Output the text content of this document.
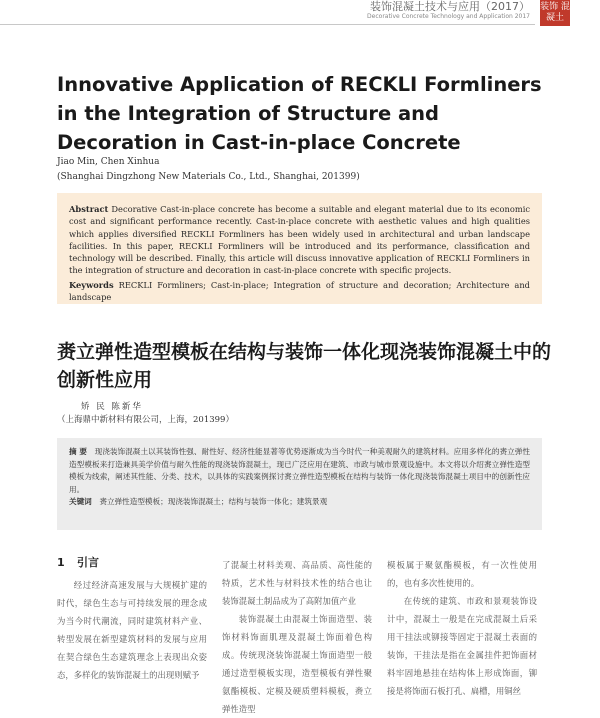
装饰混凝土技术与应用（2017）
Decorative Concrete Technology and Application 2017
装饰 混凝土
Innovative Application of RECKLI Formliners in the Integration of Structure and Decoration in Cast-in-place Concrete
Jiao Min, Chen Xinhua
(Shanghai Dingzhong New Materials Co., Ltd., Shanghai, 201399)

Abstract Decorative Cast-in-place concrete has become a suitable and elegant material due to its economic cost and significant performance recently. Cast-in-place concrete with aesthetic values and high qualities which applies diversified RECKLI Formliners has been widely used in architectural and urban landscape facilities. In this paper, RECKLI Formliners will be introduced and its performance, classification and technology will be described. Finally, this article will discuss innovative application of RECKLI Formliners in the integration of structure and decoration in cast-in-place concrete with specific projects.

Keywords RECKLI Formliners; Cast-in-place; Integration of structure and decoration; Architecture and landscape

赉立弹性造型模板在结构与装饰一体化现浇装饰混凝土中的创新性应用
矫 民 陈新华
（上海鼎中新材料有限公司，上海，201399）

摘 要　 现浇装饰混凝土以其装饰性强、耐性好、经济性能显著等优势逐渐成为当今时代一种美观耐久的建筑材料。应用多样化的赉立弹性造型模板来打造兼具美学价值与耐久性能的现浇装饰混凝土，现已广泛应用在建筑、市政与城市景观设施中。本文将以介绍赉立弹性造型模板为线索，阐述其性能、分类、技术，以具体的实践案例探讨赉立弹性造型模板在结构与装饰一体化现浇装饰混凝土项目中的创新性应用。

关键词　 赉立弹性造型模板；现浇装饰混凝土；结构与装饰一体化；建筑景观

1 引言

经过经济高速发展与大规模扩建的时代，绿色生态与可持续发展的理念成为当今时代潮流，同时建筑材料产业、转型发展在新型建筑材料的发展与应用在契合绿色生态建筑理念上表现出众姿态，多样化的装饰混凝土的出现则赋予

了混凝土材料美观、高品质、高性能的特质，艺术性与材料技术性的结合也让装饰混凝土制品成为了高附加值产业

装饰混凝土由混凝土饰面造型、装饰材料饰面肌理及混凝土饰面着色构成。传统现浇装饰混凝土饰面造型一般通过造型模板实现，造型模板有弹性聚氨酯模板、定模及硬质塑料模板，赉立弹性造型

模板属于聚氨酯模板，有一次性使用的，也有多次性使用的。

在传统的建筑、市政和景观装饰设计中，混凝土一般是在完成混凝土后采用干挂法或铆接等固定于混凝土表面的装饰，干挂法是指在金属挂件把饰面材料牢固地悬挂在结构体上形成饰面，铆接是将饰面石板打孔、扁槽，用铜丝
